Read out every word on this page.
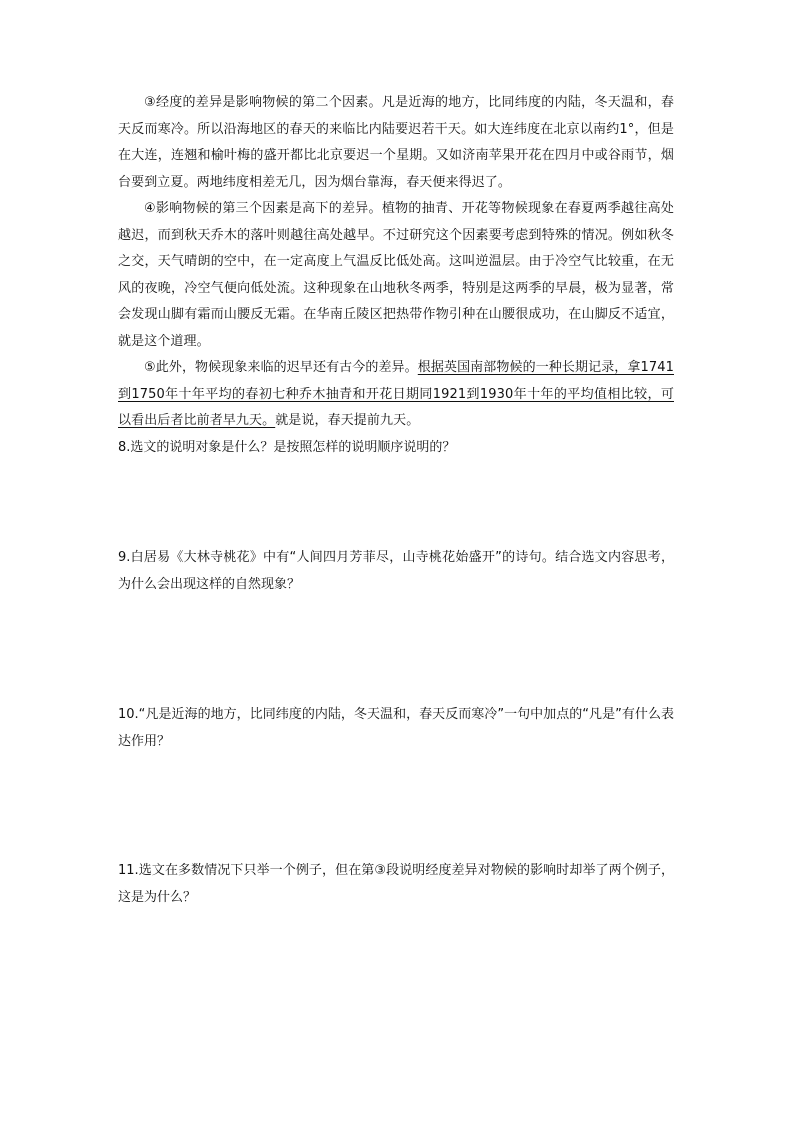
③经度的差异是影响物候的第二个因素。凡是近海的地方，比同纬度的内陆，冬天温和，春天反而寒冷。所以沿海地区的春天的来临比内陆要迟若干天。如大连纬度在北京以南约1°，但是在大连，连翘和榆叶梅的盛开都比北京要迟一个星期。又如济南苹果开花在四月中或谷雨节，烟台要到立夏。两地纬度相差无几，因为烟台靠海，春天便来得迟了。

④影响物候的第三个因素是高下的差异。植物的抽青、开花等物候现象在春夏两季越往高处越迟，而到秋天乔木的落叶则越往高处越早。不过研究这个因素要考虑到特殊的情况。例如秋冬之交，天气晴朗的空中，在一定高度上气温反比低处高。这叫逆温层。由于冷空气比较重，在无风的夜晚，冷空气便向低处流。这种现象在山地秋冬两季，特别是这两季的早晨，极为显著，常会发现山脚有霜而山腰反无霜。在华南丘陵区把热带作物引种在山腰很成功，在山脚反不适宜，就是这个道理。

⑤此外，物候现象来临的迟早还有古今的差异。根据英国南部物候的一种长期记录，拿1741到1750年十年平均的春初七种乔木抽青和开花日期同1921到1930年十年的平均值相比较，可以看出后者比前者早九天。就是说，春天提前九天。

8.选文的说明对象是什么？是按照怎样的说明顺序说明的？

9.白居易《大林寺桃花》中有“人间四月芳菲尽，山寺桃花始盛开”的诗句。结合选文内容思考，为什么会出现这样的自然现象？

10.“凡是近海的地方，比同纬度的内陆，冬天温和，春天反而寒冷”一句中加点的“凡是”有什么表达作用？

11.选文在多数情况下只举一个例子，但在第③段说明经度差异对物候的影响时却举了两个例子，这是为什么？
